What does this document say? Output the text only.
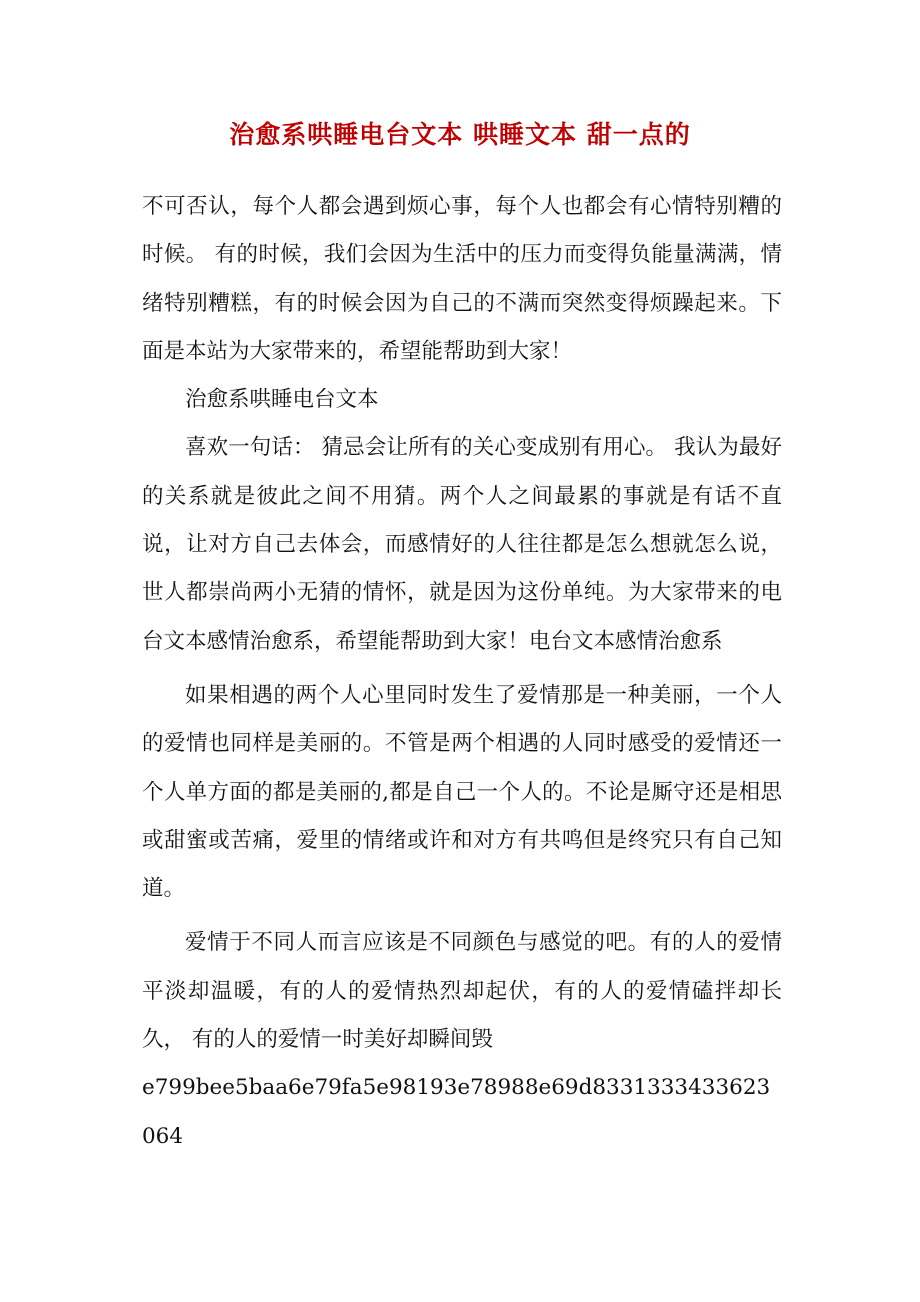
治愈系哄睡电台文本 哄睡文本 甜一点的

不可否认，每个人都会遇到烦心事，每个人也都会有心情特别糟的时候。 有的时候，我们会因为生活中的压力而变得负能量满满，情绪特别糟糕，有的时候会因为自己的不满而突然变得烦躁起来。下面是本站为大家带来的，希望能帮助到大家！

治愈系哄睡电台文本

喜欢一句话： 猜忌会让所有的关心变成别有用心。 我认为最好的关系就是彼此之间不用猜。两个人之间最累的事就是有话不直说，让对方自己去体会，而感情好的人往往都是怎么想就怎么说，世人都崇尚两小无猜的情怀，就是因为这份单纯。为大家带来的电台文本感情治愈系，希望能帮助到大家！电台文本感情治愈系

如果相遇的两个人心里同时发生了爱情那是一种美丽，一个人的爱情也同样是美丽的。不管是两个相遇的人同时感受的爱情还一个人单方面的都是美丽的,都是自己一个人的。不论是厮守还是相思或甜蜜或苦痛，爱里的情绪或许和对方有共鸣但是终究只有自己知道。

爱情于不同人而言应该是不同颜色与感觉的吧。有的人的爱情平淡却温暖，有的人的爱情热烈却起伏，有的人的爱情磕拌却长久， 有的人的爱情一时美好却瞬间毁

e799bee5baa6e79fa5e98193e78988e69d8331333433623064
